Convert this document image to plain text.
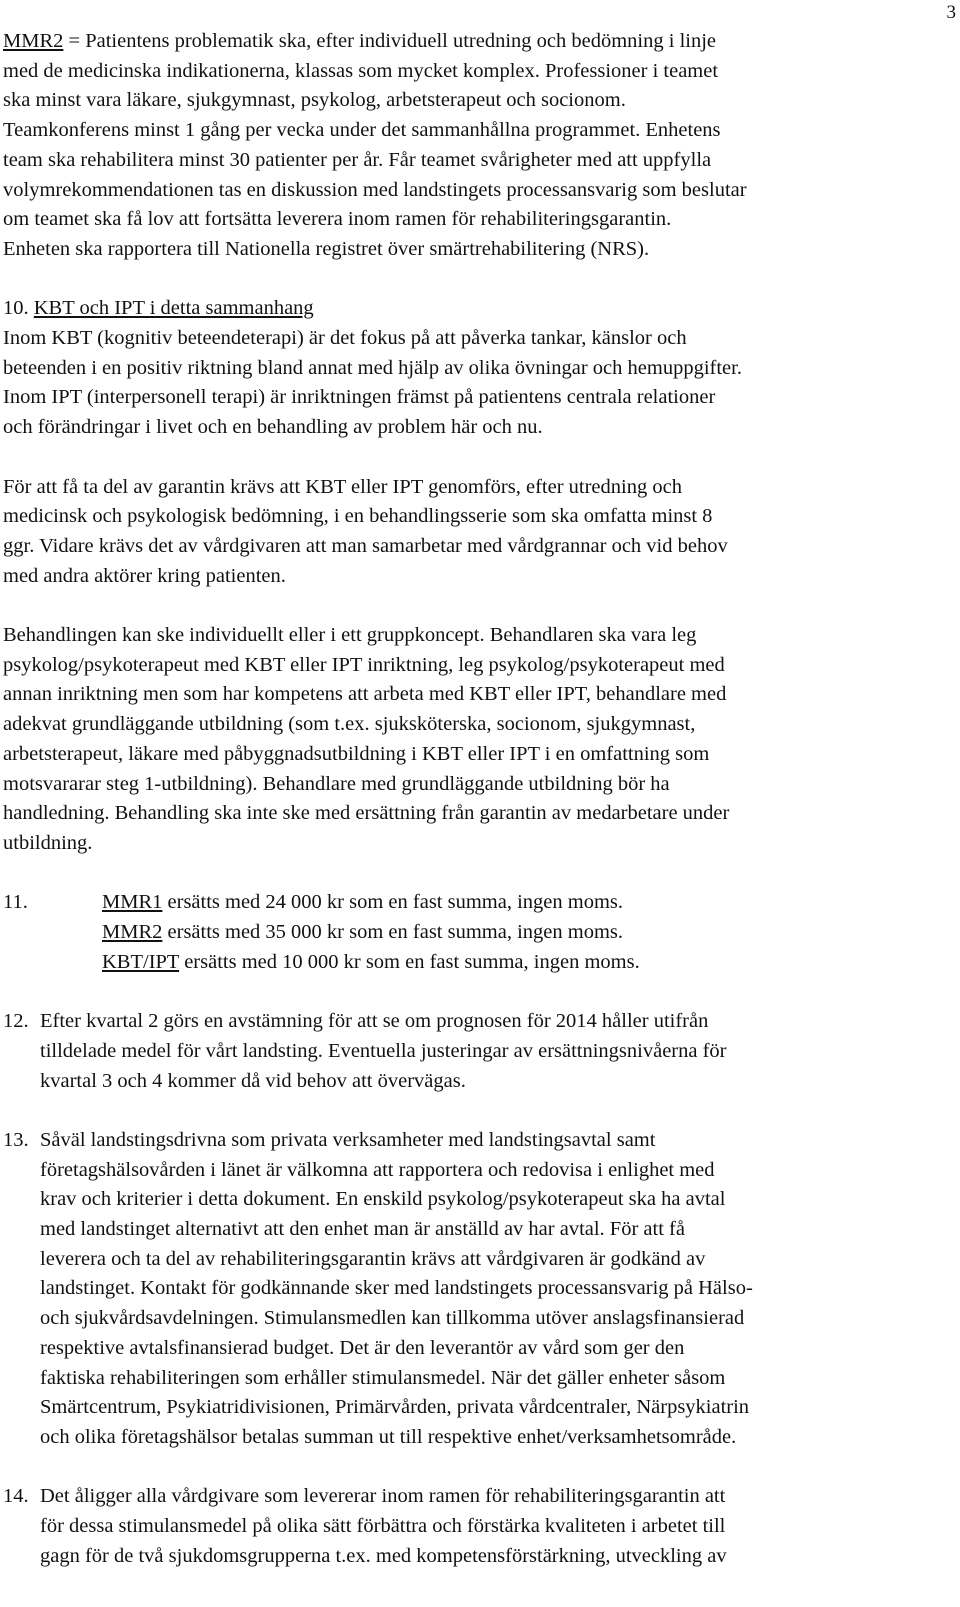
3
MMR2 = Patientens problematik ska, efter individuell utredning och bedömning i linje
med de medicinska indikationerna, klassas som mycket komplex. Professioner i teamet
ska minst vara läkare, sjukgymnast, psykolog, arbetsterapeut och socionom.
Teamkonferens minst 1 gång per vecka under det sammanhållna programmet. Enhetens
team ska rehabilitera minst 30 patienter per år. Får teamet svårigheter med att uppfylla
volymrekommendationen tas en diskussion med landstingets processansvarig som beslutar
om teamet ska få lov att fortsätta leverera inom ramen för rehabiliteringsgarantin.
Enheten ska rapportera till Nationella registret över smärtrehabilitering (NRS).
10. KBT och IPT i detta sammanhang
Inom KBT (kognitiv beteendeterapi) är det fokus på att påverka tankar, känslor och
beteenden i en positiv riktning bland annat med hjälp av olika övningar och hemuppgifter.
Inom IPT (interpersonell terapi) är inriktningen främst på patientens centrala relationer
och förändringar i livet och en behandling av problem här och nu.
För att få ta del av garantin krävs att KBT eller IPT genomförs, efter utredning och
medicinsk och psykologisk bedömning, i en behandlingsserie som ska omfatta minst 8
ggr. Vidare krävs det av vårdgivaren att man samarbetar med vårdgrannar och vid behov
med andra aktörer kring patienten.
Behandlingen kan ske individuellt eller i ett gruppkoncept. Behandlaren ska vara leg
psykolog/psykoterapeut med KBT eller IPT inriktning, leg psykolog/psykoterapeut med
annan inriktning men som har kompetens att arbeta med KBT eller IPT, behandlare med
adekvat grundläggande utbildning (som t.ex. sjuksköterska, socionom, sjukgymnast,
arbetsterapeut, läkare med påbyggnadsutbildning i KBT eller IPT i en omfattning som
motsvararar steg 1-utbildning). Behandlare med grundläggande utbildning bör ha
handledning. Behandling ska inte ske med ersättning från garantin av medarbetare under
utbildning.
11.	MMR1 ersätts med 24 000 kr som en fast summa, ingen moms.
MMR2 ersätts med 35 000 kr som en fast summa, ingen moms.
KBT/IPT ersätts med 10 000 kr som en fast summa, ingen moms.
12. Efter kvartal 2 görs en avstämning för att se om prognosen för 2014 håller utifrån
tilldelade medel för vårt landsting. Eventuella justeringar av ersättningsnivåerna för
kvartal 3 och 4 kommer då vid behov att övervägas.
13. Såväl landstingsdrivna som privata verksamheter med landstingsavtal samt
företagshälsovården i länet är välkomna att rapportera och redovisa i enlighet med
krav och kriterier i detta dokument. En enskild psykolog/psykoterapeut ska ha avtal
med landstinget alternativt att den enhet man är anställd av har avtal. För att få
leverera och ta del av rehabiliteringsgarantin krävs att vårdgivaren är godkänd av
landstinget. Kontakt för godkännande sker med landstingets processansvarig på Hälso-
och sjukvårdsavdelningen. Stimulansmedlen kan tillkomma utöver anslagsfinansierad
respektive avtalsfinansierad budget. Det är den leverantör av vård som ger den
faktiska rehabiliteringen som erhåller stimulansmedel. När det gäller enheter såsom
Smärtcentrum, Psykiatridivisionen, Primärvården, privata vårdcentraler, Närpsykiatrin
och olika företagshälsor betalas summan ut till respektive enhet/verksamhetsområde.
14. Det åligger alla vårdgivare som levererar inom ramen för rehabiliteringsgarantin att
för dessa stimulansmedel på olika sätt förbättra och förstärka kvaliteten i arbetet till
gagn för de två sjukdomsgrupperna t.ex. med kompetensförstärkning, utveckling av
